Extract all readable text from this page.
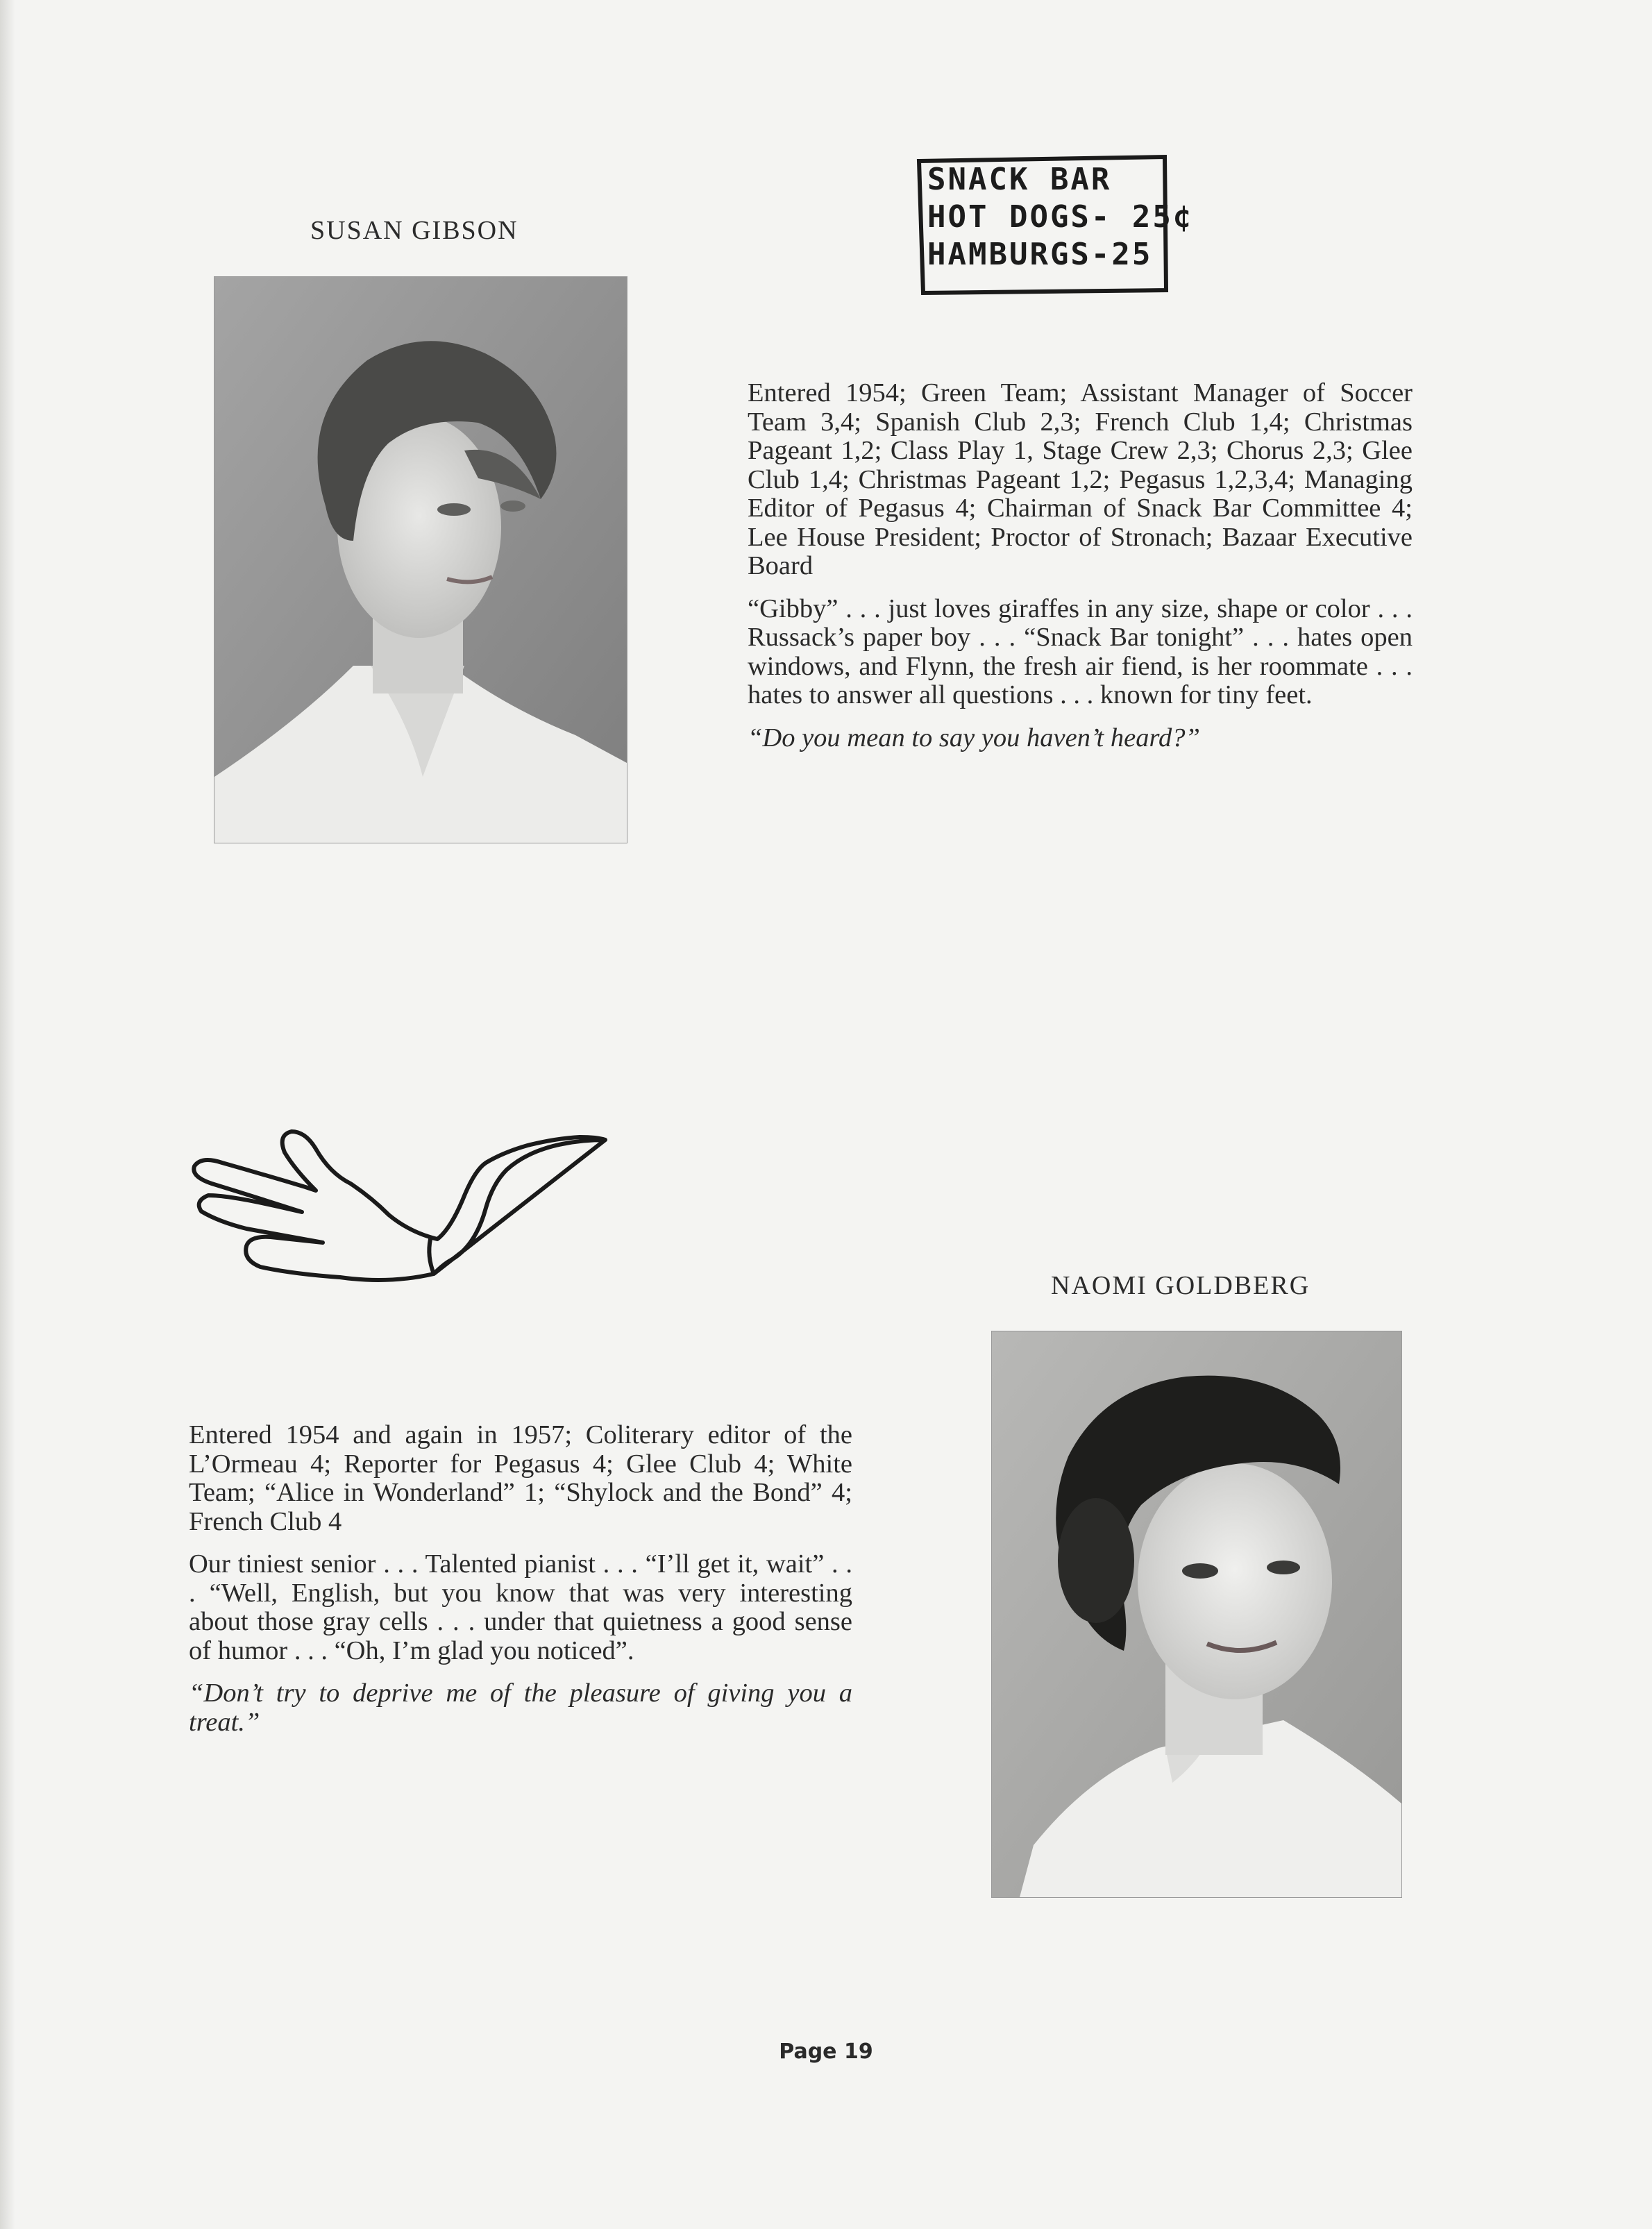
SUSAN GIBSON
SNACK BAR
HOT DOGS- 25¢
HAMBURGS-25

Entered 1954; Green Team; Assistant Manager of Soccer Team 3,4; Spanish Club 2,3; French Club 1,4; Christmas Pageant 1,2; Class Play 1, Stage Crew 2,3; Chorus 2,3; Glee Club 1,4; Christmas Pageant 1,2; Pegasus 1,2,3,4; Managing Editor of Pegasus 4; Chairman of Snack Bar Committee 4; Lee House President; Proctor of Stronach; Bazaar Executive Board

“Gibby” . . . just loves giraffes in any size, shape or color . . . Russack’s paper boy . . . “Snack Bar tonight” . . . hates open windows, and Flynn, the fresh air fiend, is her roommate . . . hates to answer all questions . . . known for tiny feet.

“Do you mean to say you haven’t heard?”

NAOMI GOLDBERG

Entered 1954 and again in 1957; Coliterary editor of the L’Ormeau 4; Reporter for Pegasus 4; Glee Club 4; White Team; “Alice in Wonderland” 1; “Shylock and the Bond” 4; French Club 4

Our tiniest senior . . . Talented pianist . . . “I’ll get it, wait” . . . “Well, English, but you know that was very interesting about those gray cells . . . under that quietness a good sense of humor . . . “Oh, I’m glad you noticed”.

“Don’t try to deprive me of the pleasure of giving you a treat.”

Page 19
